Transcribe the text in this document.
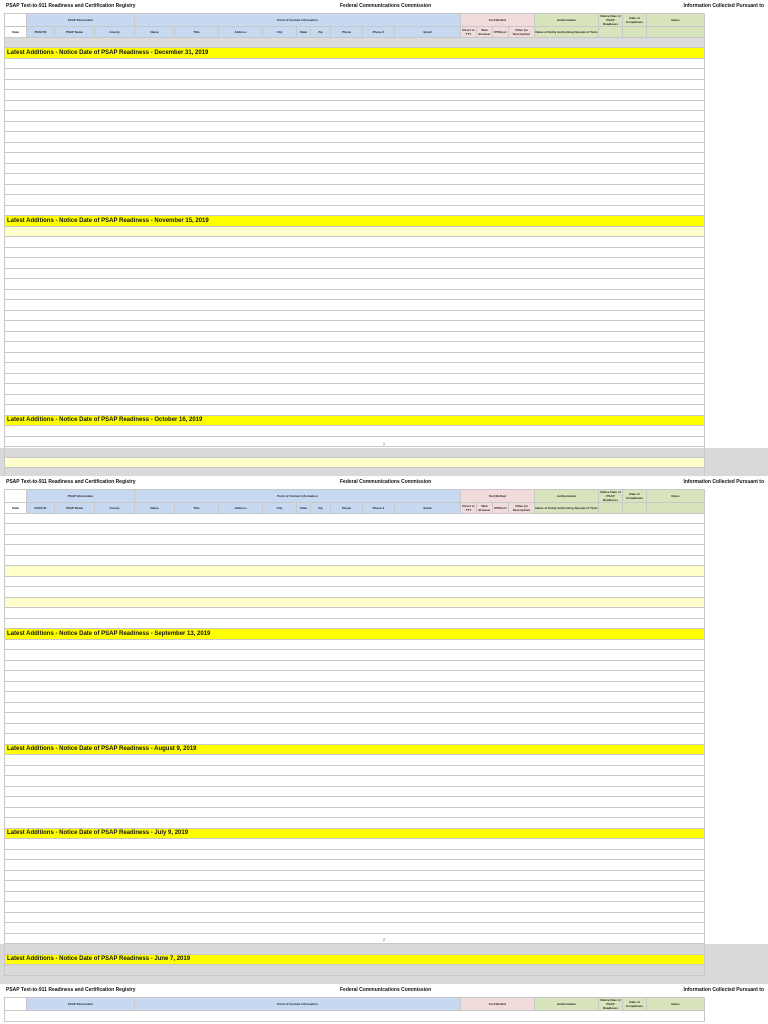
PSAP Text-to-911 Readiness and Certification Registry	Federal Communications Commission	Information Collected Pursuant to
	PSAP Information			Point of Contact Information									Text Method				Authorization	Notice Date of PSAP Readiness	Date of Compliance	Notes
State	PSAP ID	PSAP Name	County	Name	Title	Address	City	State	Zip	Phone	Phone 2	Email	Direct to TTY	Web Browser	IP/Direct	Other (in Description)	Name of Entity Authorizing Receipt of Texts			

Latest Additions - Notice Date of PSAP Readiness - December 31, 2019																				

Latest Additions - Notice Date of PSAP Readiness - November 15, 2019																				

Latest Additions - Notice Date of PSAP Readiness - October 16, 2019																				

1
PSAP Text-to-911 Readiness and Certification Registry	Federal Communications Commission	Information Collected Pursuant to
	PSAP Information			Point of Contact Information									Text Method				Authorization	Notice Date of PSAP Readiness	Date of Compliance	Notes
State	PSAP ID	PSAP Name	County	Name	Title	Address	City	State	Zip	Phone	Phone 2	Email	Direct to TTY	Web Browser	IP/Direct	Other (in Description)	Name of Entity Authorizing Receipt of Texts			

Latest Additions - Notice Date of PSAP Readiness - September 13, 2019																				

Latest Additions - Notice Date of PSAP Readiness - August 9, 2019																				

Latest Additions - Notice Date of PSAP Readiness - July 9, 2019																				

Latest Additions - Notice Date of PSAP Readiness - June 7, 2019																				

2
PSAP Text-to-911 Readiness and Certification Registry	Federal Communications Commission	Information Collected Pursuant to
	PSAP Information	Point of Contact Information	Text Method	Authorization	Notice Date of PSAP Readiness	Date of Compliance	Notes
